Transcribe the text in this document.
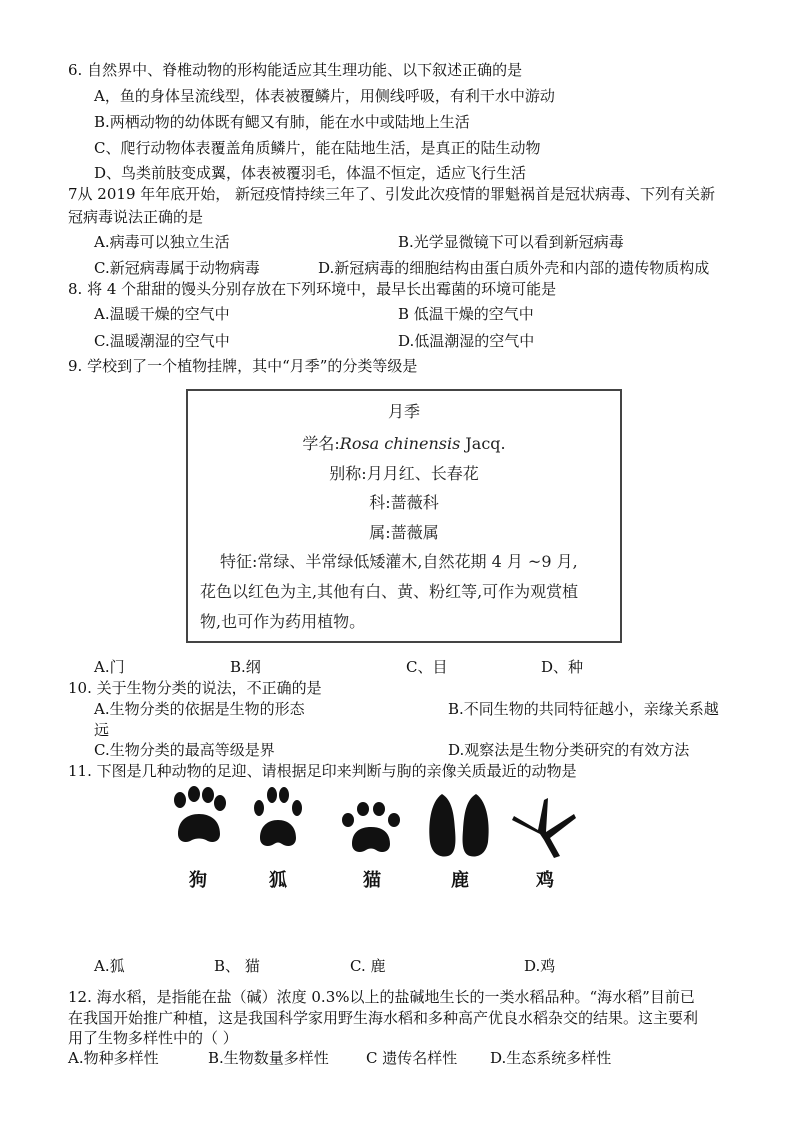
6. 自然界中、脊椎动物的形构能适应其生理功能、以下叙述正确的是
A，鱼的身体呈流线型，体表被覆鳞片，用侧线呼吸，有利干水中游动
B.两栖动物的幼体既有鳃又有肺，能在水中或陆地上生活
C、爬行动物体表覆盖角质鳞片，能在陆地生活，是真正的陆生动物
D、鸟类前肢变成翼，体表被覆羽毛，体温不恒定，适应飞行生活
7从 2019 年年底开始， 新冠疫情持续三年了、引发此次疫情的罪魁祸首是冠状病毒、下列有关新
冠病毒说法正确的是
A.病毒可以独立生活	B.光学显微镜下可以看到新冠病毒
C.新冠病毒属于动物病毒	D.新冠病毒的细胞结构由蛋白质外壳和内部的遗传物质构成
8. 将 4 个甜甜的馒头分别存放在下列环境中，最早长出霉菌的环境可能是
A.温暖干燥的空气中	B 低温干燥的空气中
C.温暖潮湿的空气中	D.低温潮湿的空气中
9. 学校到了一个植物挂牌，其中“月季”的分类等级是
月季
学名:Rosa chinensis Jacq.
别称:月月红、长春花
科:蔷薇科
属:蔷薇属
特征:常绿、半常绿低矮灌木,自然花期 4 月 ~9 月,
花色以红色为主,其他有白、黄、粉红等,可作为观赏植
物,也可作为药用植物。
A.门	B.纲	C、目	D、种
10. 关于生物分类的说法，不正确的是
A.生物分类的依据是生物的形态	B.不同生物的共同特征越小，亲缘关系越
远
C.生物分类的最高等级是界	D.观察法是生物分类研究的有效方法
11. 下图是几种动物的足迎、请根据足印来判断与朐的亲像关质最近的动物是
狗	狐	猫	鹿	鸡
A.狐	B、 猫	C. 鹿	D.鸡
12. 海水稻，是指能在盐（碱）浓度 0.3%以上的盐碱地生长的一类水稻品种。“海水稻”目前已
在我国开始推广种植，这是我国科学家用野生海水稻和多种高产优良水稻杂交的结果。这主要利
用了生物多样性中的（ ）
A.物种多样性	B.生物数量多样性 C 遗传名样性 D.生态系统多样性
